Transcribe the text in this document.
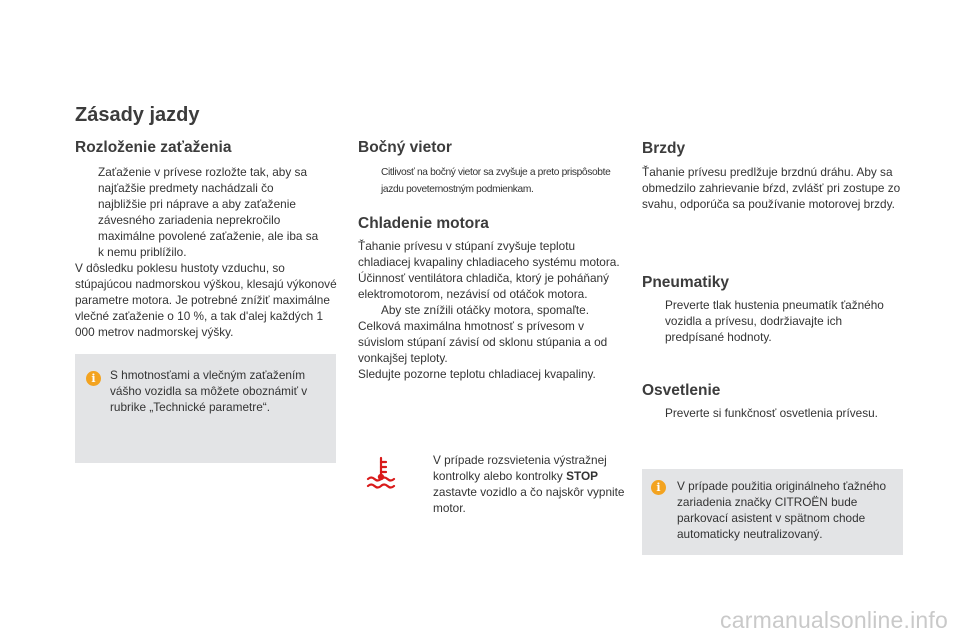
Zásady jazdy
Rozloženie zaťaženia
Zaťaženie v prívese rozložte tak, aby sa najťažšie predmety nachádzali čo najbližšie pri náprave a aby zaťaženie závesného zariadenia neprekročilo maximálne povolené zaťaženie, ale iba sa k nemu priblížilo.

V dôsledku poklesu hustoty vzduchu, so stúpajúcou nadmorskou výškou, klesajú výkonové parametre motora. Je potrebné znížiť maximálne vlečné zaťaženie o 10 %, a tak d'alej každých 1 000 metrov nadmorskej výšky.

i	S hmotnosťami a vlečným zaťažením vášho vozidla sa môžete oboznámiť v rubrike „Technické parametre“.

Bočný vietor
Citlivosť na bočný vietor sa zvyšuje a preto prispôsobte jazdu poveternostným podmienkam.
Chladenie motora

Ťahanie prívesu v stúpaní zvyšuje teplotu chladiacej kvapaliny chladiaceho systému motora.

Účinnosť ventilátora chladiča, ktorý je poháňaný elektromotorom, nezávisí od otáčok motora.

Aby ste znížili otáčky motora, spomaľte.

Celková maximálna hmotnosť s prívesom v súvislom stúpaní závisí od sklonu stúpania a od vonkajšej teploty.

Sledujte pozorne teplotu chladiacej kvapaliny.

V prípade rozsvietenia výstražnej kontrolky alebo kontrolky STOP zastavte vozidlo a čo najskôr vypnite motor.
Brzdy

Ťahanie prívesu predlžuje brzdnú dráhu. Aby sa obmedzilo zahrievanie bŕzd, zvlášť pri zostupe zo svahu, odporúča sa používanie motorovej brzdy.

Pneumatiky
Preverte tlak hustenia pneumatík ťažného vozidla a prívesu, dodržiavajte ich predpísané hodnoty.
Osvetlenie
Preverte si funkčnosť osvetlenia prívesu.
i	V prípade použitia originálneho ťažného zariadenia značky CITROËN bude parkovací asistent v spätnom chode automaticky neutralizovaný.

carmanualsonline.info
